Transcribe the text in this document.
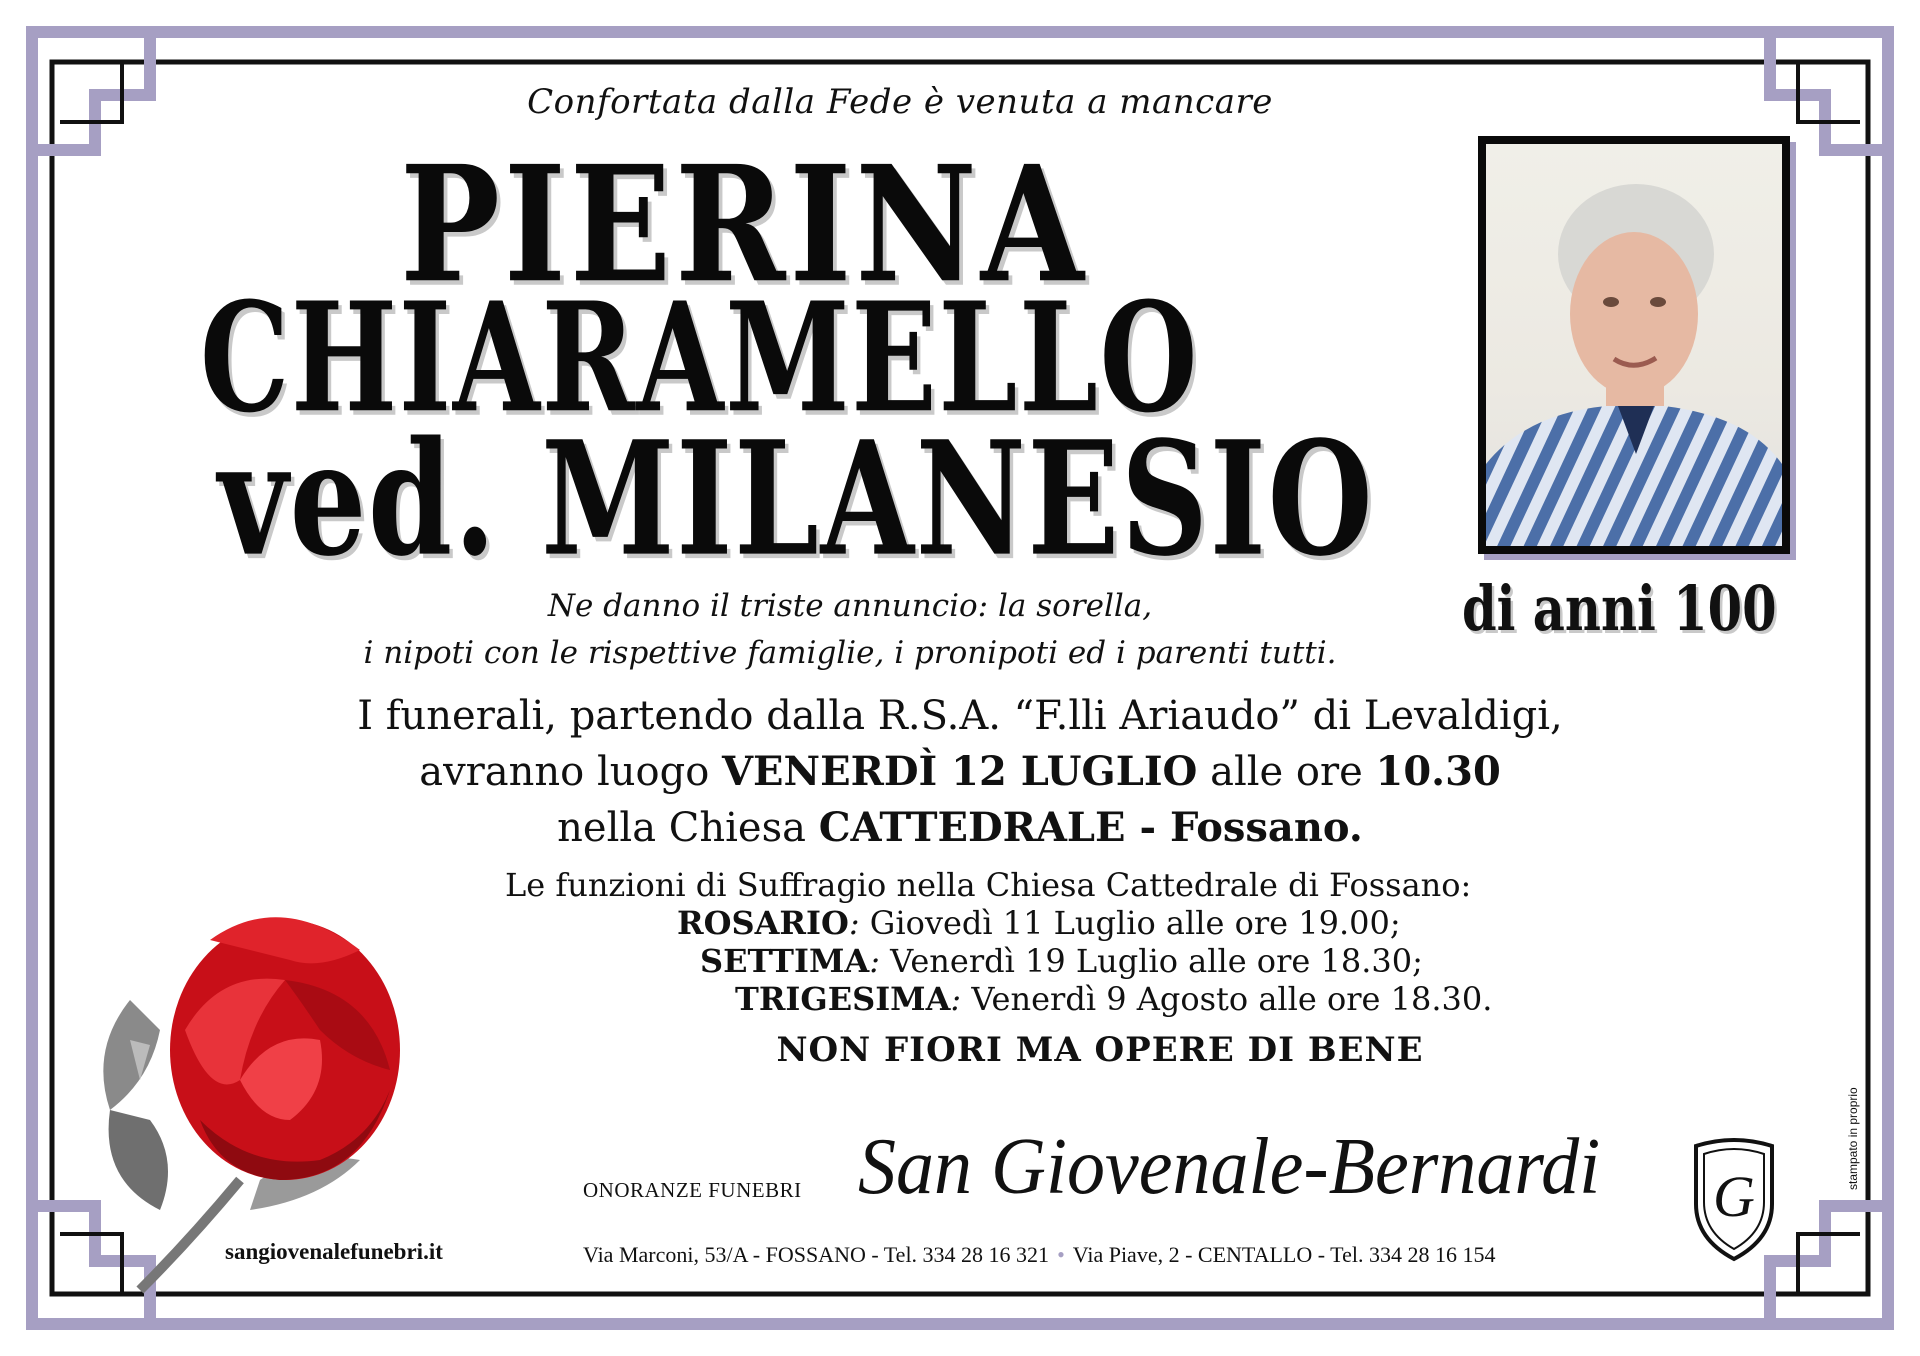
Confortata dalla Fede è venuta a mancare
PIERINA
CHIARAMELLO
ved. MILANESIO
di anni 100
Ne danno il triste annuncio: la sorella,
i nipoti con le rispettive famiglie, i pronipoti ed i parenti tutti.
I funerali, partendo dalla R.S.A. “F.lli Ariaudo” di Levaldigi,
avranno luogo VENERDÌ 12 LUGLIO alle ore 10.30
nella Chiesa CATTEDRALE - Fossano.
Le funzioni di Suffragio nella Chiesa Cattedrale di Fossano:
ROSARIO: Giovedì 11 Luglio alle ore 19.00;
SETTIMA: Venerdì 19 Luglio alle ore 18.30;
TRIGESIMA: Venerdì 9 Agosto alle ore 18.30.
NON FIORI MA OPERE DI BENE
sangiovenalefunebri.it
ONORANZE FUNEBRI San Giovenale-Bernardi G
Via Marconi, 53/A - FOSSANO - Tel. 334 28 16 321 • Via Piave, 2 - CENTALLO - Tel. 334 28 16 154
stampato in proprio
